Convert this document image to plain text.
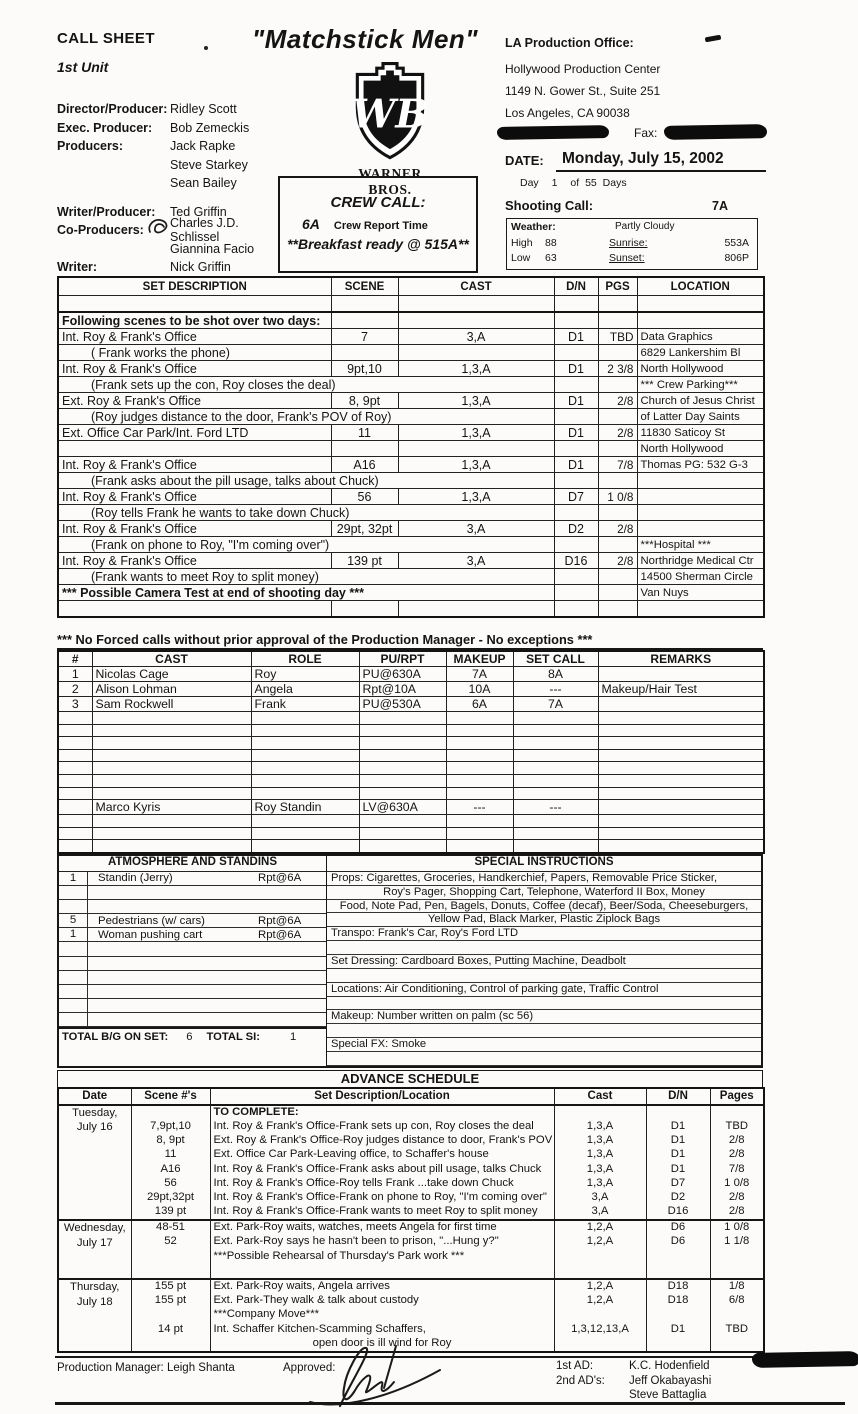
CALL SHEET
1st Unit
"Matchstick Men"
WB
WARNER BROS.
Director/Producer: Ridley Scott
Exec. Producer:	Bob Zemeckis
Producers:	Jack Rapke
Steve Starkey
Sean Bailey
Writer/Producer:	Ted Griffin
Co-Producers:	Charles J.D. Schlissel
Giannina Facio
Writer:	Nick Griffin
CREW CALL:
6A Crew Report Time
**Breakfast ready @ 515A**
LA Production Office:
Hollywood Production Center
1149 N. Gower St., Suite 251
Los Angeles, CA 90038
Fax:
DATE: Monday, July 15, 2002
Day 1 of 55 Days
Shooting Call:	7A
Weather:	Partly Cloudy
High	88	Sunrise:	553A
Low	63	Sunset:	806P
SET DESCRIPTION	SCENE	CAST	D/N	PGS	LOCATION

Following scenes to be shot over two days:					
Int. Roy & Frank's Office	7	3,A	D1	TBD	Data Graphics
( Frank works the phone)					6829 Lankershim Bl
Int. Roy & Frank's Office	9pt,10	1,3,A	D1	2 3/8	North Hollywood
(Frank sets up the con, Roy closes the deal)					*** Crew Parking***
Ext. Roy & Frank's Office	8, 9pt	1,3,A	D1	2/8	Church of Jesus Christ
(Roy judges distance to the door, Frank's POV of Roy)					of Latter Day Saints
Ext. Office Car Park/Int. Ford LTD	11	1,3,A	D1	2/8	11830 Saticoy St
					North Hollywood
Int. Roy & Frank's Office	A16	1,3,A	D1	7/8	Thomas PG: 532 G-3
(Frank asks about the pill usage, talks about Chuck)					
Int. Roy & Frank's Office	56	1,3,A	D7	1 0/8	
(Roy tells Frank he wants to take down Chuck)					
Int. Roy & Frank's Office	29pt, 32pt	3,A	D2	2/8	
(Frank on phone to Roy, "I'm coming over")					***Hospital ***
Int. Roy & Frank's Office	139 pt	3,A	D16	2/8	Northridge Medical Ctr
(Frank wants to meet Roy to split money)					14500 Sherman Circle
*** Possible Camera Test at end of shooting day ***					Van Nuys

*** No Forced calls without prior approval of the Production Manager - No exceptions ***
#	CAST	ROLE	PU/RPT	MAKEUP	SET CALL	REMARKS
1	Nicolas Cage	Roy	PU@630A	7A	8A	
2	Alison Lohman	Angela	Rpt@10A	10A	---	Makeup/Hair Test
3	Sam Rockwell	Frank	PU@530A	6A	7A	

	Marco Kyris	Roy Standin	LV@630A	---	---	

ATMOSPHERE AND STANDINS
1	Standin (Jerry)	Rpt@6A
5	Pedestrians (w/ cars)	Rpt@6A
1	Woman pushing cart	Rpt@6A
TOTAL B/G ON SET: 6 TOTAL SI:	1
SPECIAL INSTRUCTIONS
Props: Cigarettes, Groceries, Handkerchief, Papers, Removable Price Sticker,
Roy's Pager, Shopping Cart, Telephone, Waterford II Box, Money
Food, Note Pad, Pen, Bagels, Donuts, Coffee (decaf), Beer/Soda, Cheeseburgers,
Yellow Pad, Black Marker, Plastic Ziplock Bags
Transpo: Frank's Car, Roy's Ford LTD
Set Dressing: Cardboard Boxes, Putting Machine, Deadbolt
Locations: Air Conditioning, Control of parking gate, Traffic Control
Makeup: Number written on palm (sc 56)
Special FX: Smoke
ADVANCE SCHEDULE
Date	Scene #'s	Set Description/Location	Cast	D/N	Pages

Tuesday,
July 16		TO COMPLETE:			
	7,9pt,10	Int. Roy & Frank's Office-Frank sets up con, Roy closes the deal	1,3,A	D1	TBD
	8, 9pt	Ext. Roy & Frank's Office-Roy judges distance to door, Frank's POV	1,3,A	D1	2/8
	11	Ext. Office Car Park-Leaving office, to Schaffer's house	1,3,A	D1	2/8
	A16	Int. Roy & Frank's Office-Frank asks about pill usage, talks Chuck	1,3,A	D1	7/8
	56	Int. Roy & Frank's Office-Roy tells Frank ...take down Chuck	1,3,A	D7	1 0/8
	29pt,32pt	Int. Roy & Frank's Office-Frank on phone to Roy, "I'm coming over"	3,A	D2	2/8
	139 pt	Int. Roy & Frank's Office-Frank wants to meet Roy to split money	3,A	D16	2/8

Wednesday,
July 17	48-51	Ext. Park-Roy waits, watches, meets Angela for first time	1,2,A	D6	1 0/8
	52	Ext. Park-Roy says he hasn't been to prison, "...Hung y?"	1,2,A	D6	1 1/8
		***Possible Rehearsal of Thursday's Park work ***			

Thursday,
July 18	155 pt	Ext. Park-Roy waits, Angela arrives	1,2,A	D18	1/8
	155 pt	Ext. Park-They walk & talk about custody	1,2,A	D18	6/8
		***Company Move***			
	14 pt	Int. Schaffer Kitchen-Scamming Schaffers,	1,3,12,13,A	D1	TBD
		open door is ill wind for Roy			
Production Manager: Leigh Shanta	Approved:	1st AD:	K.C. Hodenfield
2nd AD's: Jeff Okabayashi
Steve Battaglia
